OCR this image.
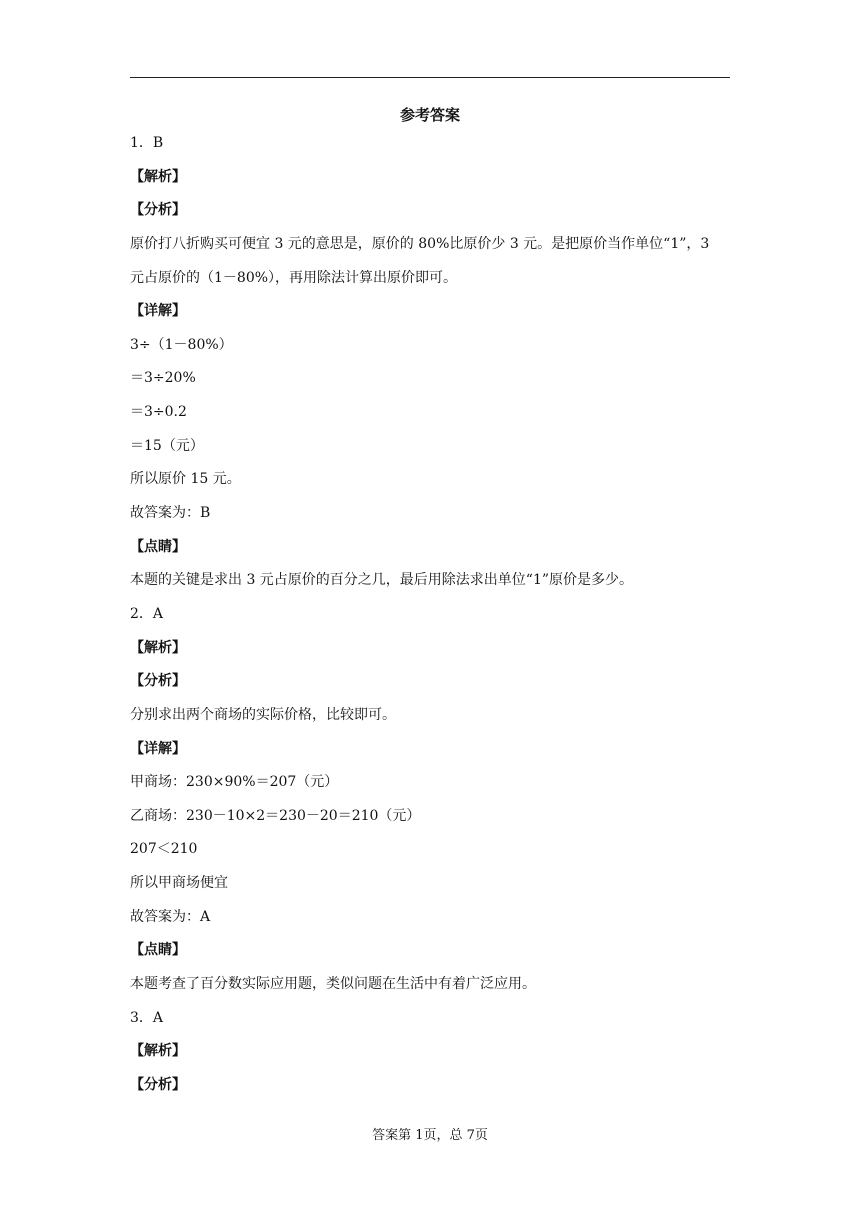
参考答案
1．B
【解析】
【分析】
原价打八折购买可便宜 3 元的意思是，原价的 80%比原价少 3 元。是把原价当作单位“1”，3
元占原价的（1－80%），再用除法计算出原价即可。
【详解】
3÷（1－80%）
＝3÷20%
＝3÷0.2
＝15（元）
所以原价 15 元。
故答案为：B
【点睛】
本题的关键是求出 3 元占原价的百分之几，最后用除法求出单位“1”原价是多少。
2．A
【解析】
【分析】
分别求出两个商场的实际价格，比较即可。
【详解】
甲商场：230×90%＝207（元）
乙商场：230－10×2＝230－20＝210（元）
207＜210
所以甲商场便宜
故答案为：A
【点睛】
本题考查了百分数实际应用题，类似问题在生活中有着广泛应用。
3．A
【解析】
【分析】
答案第 1页，总 7页
